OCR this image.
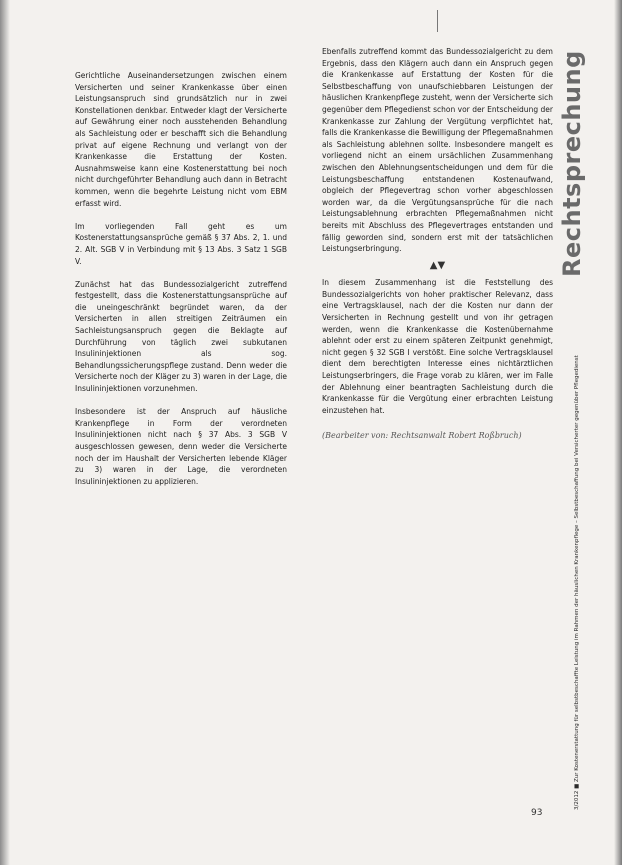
Gerichtliche Auseinandersetzungen zwischen einem Versicherten und seiner Krankenkasse über einen Leistungsanspruch sind grundsätzlich nur in zwei Konstellationen denkbar. Entweder klagt der Versicherte auf Gewährung einer noch ausstehenden Behandlung als Sachleistung oder er beschafft sich die Behandlung privat auf eigene Rechnung und verlangt von der Krankenkasse die Erstattung der Kosten. Ausnahmsweise kann eine Kostenerstattung bei noch nicht durchgeführter Behandlung auch dann in Betracht kommen, wenn die begehrte Leistung nicht vom EBM erfasst wird.

Im vorliegenden Fall geht es um Kostenerstattungsansprüche gemäß § 37 Abs. 2, 1. und 2. Alt. SGB V in Verbindung mit § 13 Abs. 3 Satz 1 SGB V.

Zunächst hat das Bundessozialgericht zutreffend festgestellt, dass die Kostenerstattungsansprüche auf die uneingeschränkt begründet waren, da der Versicherten in allen streitigen Zeiträumen ein Sachleistungsanspruch gegen die Beklagte auf Durchführung von täglich zwei subkutanen Insulininjektionen als sog. Behandlungssicherungspflege zustand. Denn weder die Versicherte noch der Kläger zu 3) waren in der Lage, die Insulininjektionen vorzunehmen.

Insbesondere ist der Anspruch auf häusliche Krankenpflege in Form der verordneten Insulininjektionen nicht nach § 37 Abs. 3 SGB V ausgeschlossen gewesen, denn weder die Versicherte noch der im Haushalt der Versicherten lebende Kläger zu 3) waren in der Lage, die verordneten Insulininjektionen zu applizieren.

Ebenfalls zutreffend kommt das Bundessozialgericht zu dem Ergebnis, dass den Klägern auch dann ein Anspruch gegen die Krankenkasse auf Erstattung der Kosten für die Selbstbeschaffung von unaufschiebbaren Leistungen der häuslichen Krankenpflege zusteht, wenn der Versicherte sich gegenüber dem Pflegedienst schon vor der Entscheidung der Krankenkasse zur Zahlung der Vergütung verpflichtet hat, falls die Krankenkasse die Bewilligung der Pflegemaßnahmen als Sachleistung ablehnen sollte. Insbesondere mangelt es vorliegend nicht an einem ursächlichen Zusammenhang zwischen den Ablehnungsentscheidungen und dem für die Leistungsbeschaffung entstandenen Kostenaufwand, obgleich der Pflegevertrag schon vorher abgeschlossen worden war, da die Vergütungsansprüche für die nach Leistungsablehnung erbrachten Pflegemaßnahmen nicht bereits mit Abschluss des Pflegevertrages entstanden und fällig geworden sind, sondern erst mit der tatsächlichen Leistungserbringung.

▲▼

In diesem Zusammenhang ist die Feststellung des Bundessozialgerichts von hoher praktischer Relevanz, dass eine Vertragsklausel, nach der die Kosten nur dann der Versicherten in Rechnung gestellt und von ihr getragen werden, wenn die Krankenkasse die Kostenübernahme ablehnt oder erst zu einem späteren Zeitpunkt genehmigt, nicht gegen § 32 SGB I verstößt. Eine solche Vertragsklausel dient dem berechtigten Interesse eines nichtärztlichen Leistungserbringers, die Frage vorab zu klären, wer im Falle der Ablehnung einer beantragten Sachleistung durch die Krankenkasse für die Vergütung einer erbrachten Leistung einzustehen hat.

(Bearbeiter von: Rechtsanwalt Robert Roßbruch)
Rechtsprechung
3/2012 ■ Zur Kostenerstattung für selbstbeschaffte Leistung im Rahmen der häuslichen Krankenpflege – Selbstbeschaffung bei Versicherter gegenüber Pflegedienst
93
